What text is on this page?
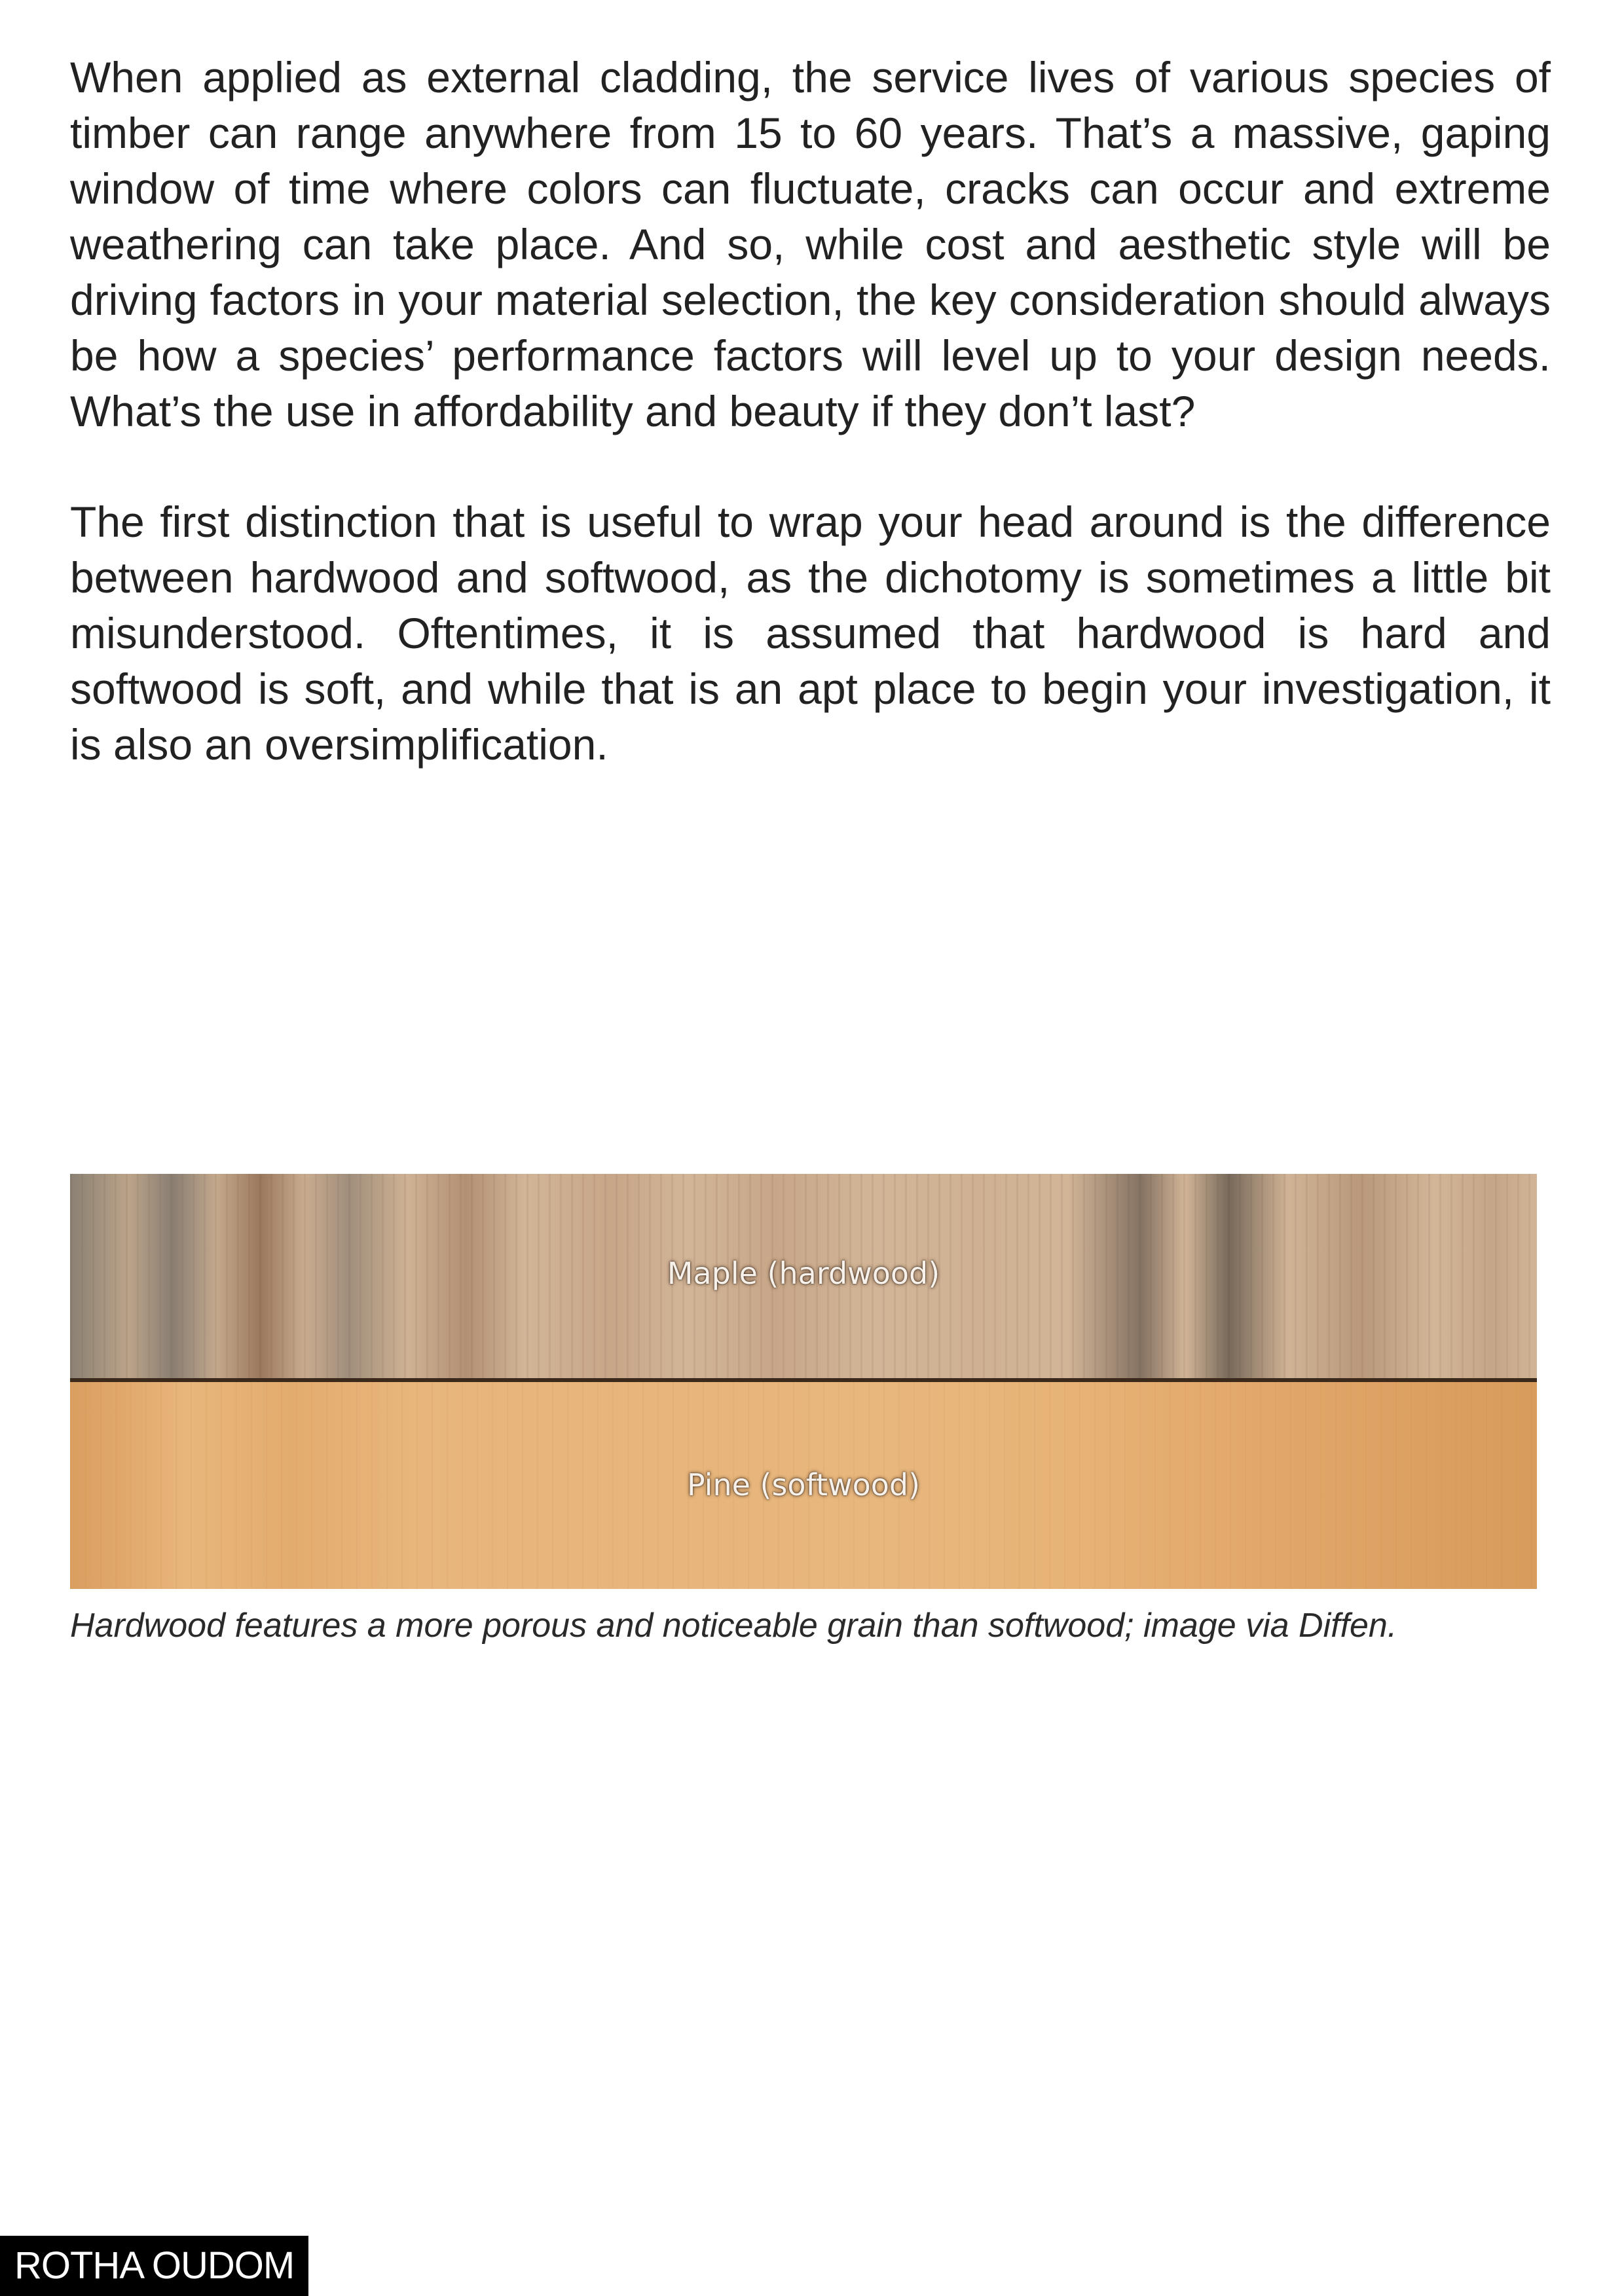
When applied as external cladding, the service lives of various species of timber can range anywhere from 15 to 60 years. That’s a massive, gaping window of time where colors can fluctuate, cracks can occur and extreme weathering can take place. And so, while cost and aesthetic style will be driving factors in your material selection, the key consideration should always be how a species’ performance factors will level up to your design needs. What’s the use in affordability and beauty if they don’t last?

The first distinction that is useful to wrap your head around is the difference between hardwood and softwood, as the dichotomy is sometimes a little bit misunderstood. Oftentimes, it is assumed that hardwood is hard and softwood is soft, and while that is an apt place to begin your investigation, it is also an oversimplification.

Maple (hardwood)
Pine (softwood)

Hardwood features a more porous and noticeable grain than softwood; image via Diffen.

ROTHA OUDOM
